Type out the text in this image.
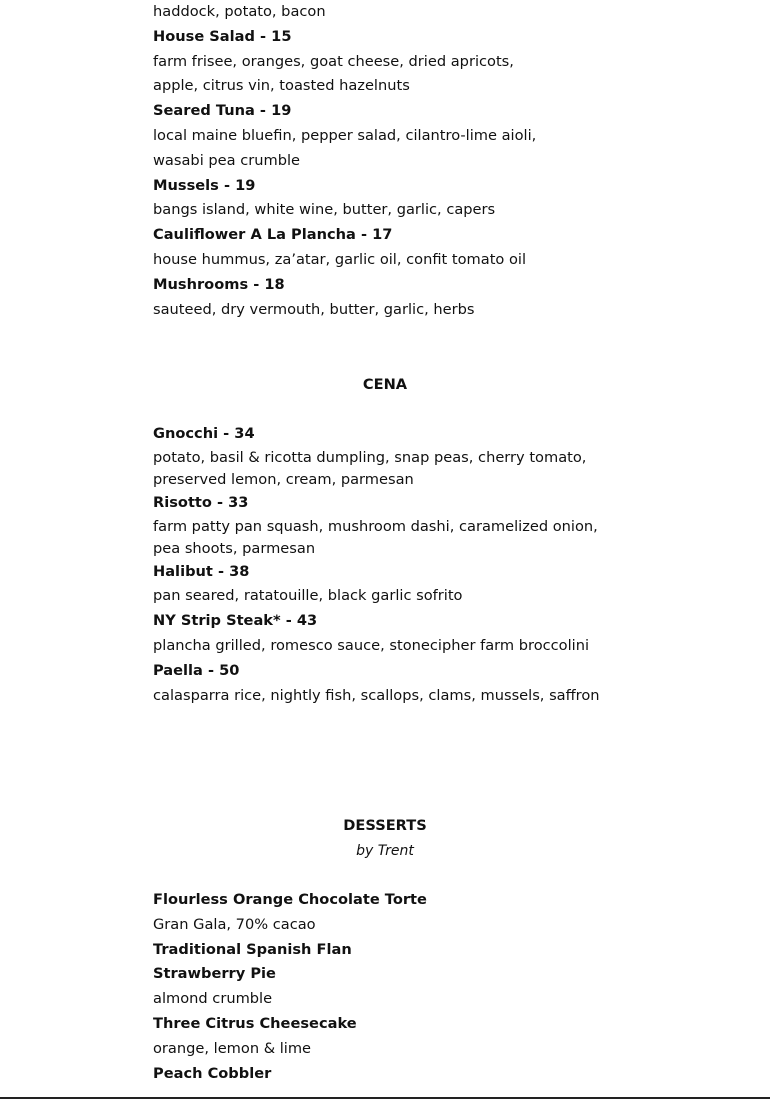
haddock, potato, bacon
House Salad - 15
farm frisee, oranges, goat cheese, dried apricots,
apple, citrus vin, toasted hazelnuts
Seared Tuna - 19
local maine bluefin, pepper salad, cilantro-lime aioli,
wasabi pea crumble
Mussels - 19
bangs island, white wine, butter, garlic, capers
Cauliflower A La Plancha - 17
house hummus, za’atar, garlic oil, confit tomato oil
Mushrooms - 18
sauteed, dry vermouth, butter, garlic, herbs
CENA
Gnocchi - 34
potato, basil & ricotta dumpling, snap peas, cherry tomato,
preserved lemon, cream, parmesan
Risotto - 33
farm patty pan squash, mushroom dashi, caramelized onion,
pea shoots, parmesan
Halibut - 38
pan seared, ratatouille, black garlic sofrito
NY Strip Steak* - 43
plancha grilled, romesco sauce, stonecipher farm broccolini
Paella - 50
calasparra rice, nightly fish, scallops, clams, mussels, saffron
DESSERTS
by Trent
Flourless Orange Chocolate Torte
Gran Gala, 70% cacao
Traditional Spanish Flan
Strawberry Pie
almond crumble
Three Citrus Cheesecake
orange, lemon & lime
Peach Cobbler
